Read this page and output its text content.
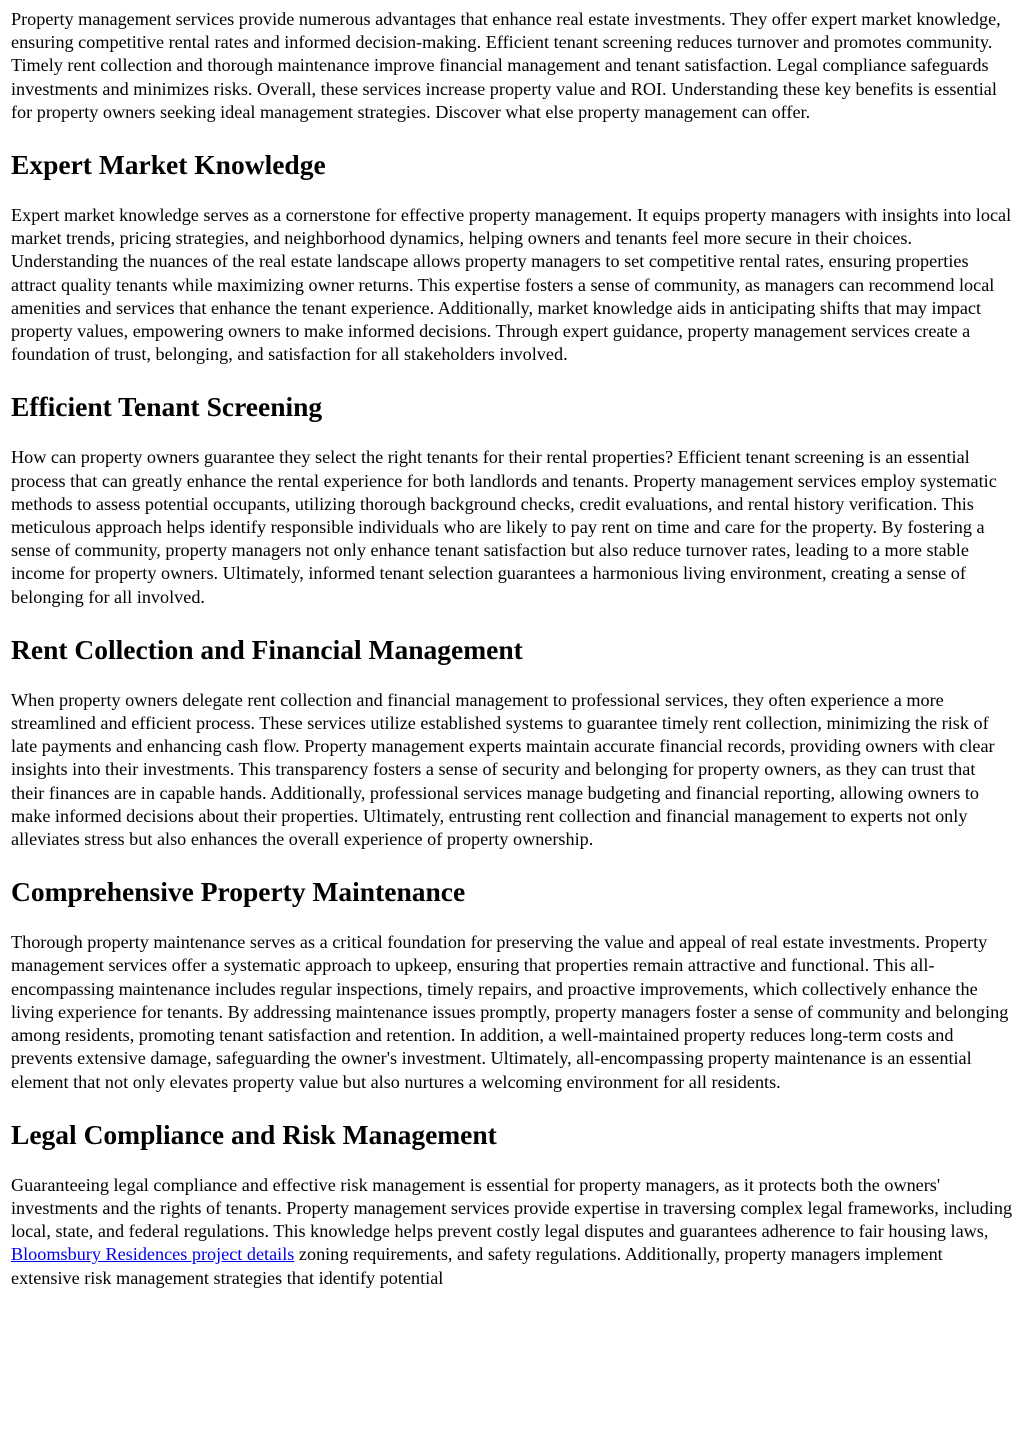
Property management services provide numerous advantages that enhance real estate investments. They offer expert market knowledge, ensuring competitive rental rates and informed decision-making. Efficient tenant screening reduces turnover and promotes community. Timely rent collection and thorough maintenance improve financial management and tenant satisfaction. Legal compliance safeguards investments and minimizes risks. Overall, these services increase property value and ROI. Understanding these key benefits is essential for property owners seeking ideal management strategies. Discover what else property management can offer.

Expert Market Knowledge

Expert market knowledge serves as a cornerstone for effective property management. It equips property managers with insights into local market trends, pricing strategies, and neighborhood dynamics, helping owners and tenants feel more secure in their choices. Understanding the nuances of the real estate landscape allows property managers to set competitive rental rates, ensuring properties attract quality tenants while maximizing owner returns. This expertise fosters a sense of community, as managers can recommend local amenities and services that enhance the tenant experience. Additionally, market knowledge aids in anticipating shifts that may impact property values, empowering owners to make informed decisions. Through expert guidance, property management services create a foundation of trust, belonging, and satisfaction for all stakeholders involved.

Efficient Tenant Screening

How can property owners guarantee they select the right tenants for their rental properties? Efficient tenant screening is an essential process that can greatly enhance the rental experience for both landlords and tenants. Property management services employ systematic methods to assess potential occupants, utilizing thorough background checks, credit evaluations, and rental history verification. This meticulous approach helps identify responsible individuals who are likely to pay rent on time and care for the property. By fostering a sense of community, property managers not only enhance tenant satisfaction but also reduce turnover rates, leading to a more stable income for property owners. Ultimately, informed tenant selection guarantees a harmonious living environment, creating a sense of belonging for all involved.

Rent Collection and Financial Management

When property owners delegate rent collection and financial management to professional services, they often experience a more streamlined and efficient process. These services utilize established systems to guarantee timely rent collection, minimizing the risk of late payments and enhancing cash flow. Property management experts maintain accurate financial records, providing owners with clear insights into their investments. This transparency fosters a sense of security and belonging for property owners, as they can trust that their finances are in capable hands. Additionally, professional services manage budgeting and financial reporting, allowing owners to make informed decisions about their properties. Ultimately, entrusting rent collection and financial management to experts not only alleviates stress but also enhances the overall experience of property ownership.

Comprehensive Property Maintenance

Thorough property maintenance serves as a critical foundation for preserving the value and appeal of real estate investments. Property management services offer a systematic approach to upkeep, ensuring that properties remain attractive and functional. This all-encompassing maintenance includes regular inspections, timely repairs, and proactive improvements, which collectively enhance the living experience for tenants. By addressing maintenance issues promptly, property managers foster a sense of community and belonging among residents, promoting tenant satisfaction and retention. In addition, a well-maintained property reduces long-term costs and prevents extensive damage, safeguarding the owner's investment. Ultimately, all-encompassing property maintenance is an essential element that not only elevates property value but also nurtures a welcoming environment for all residents.

Legal Compliance and Risk Management

Guaranteeing legal compliance and effective risk management is essential for property managers, as it protects both the owners' investments and the rights of tenants. Property management services provide expertise in traversing complex legal frameworks, including local, state, and federal regulations. This knowledge helps prevent costly legal disputes and guarantees adherence to fair housing laws, Bloomsbury Residences project details zoning requirements, and safety regulations. Additionally, property managers implement extensive risk management strategies that identify potential
